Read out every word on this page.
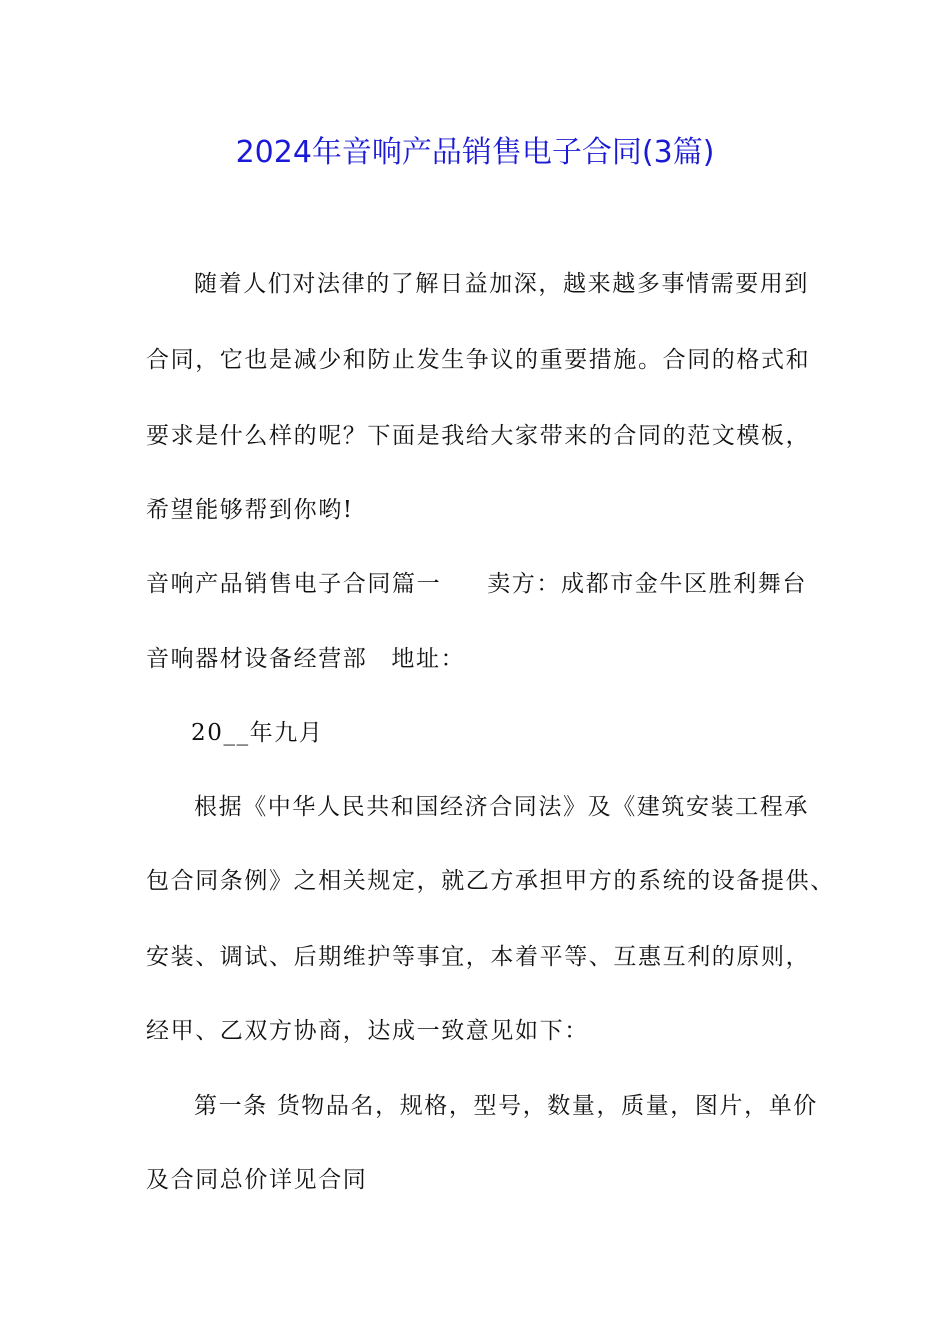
2024年音响产品销售电子合同(3篇)
随着人们对法律的了解日益加深，越来越多事情需要用到
合同，它也是减少和防止发生争议的重要措施。合同的格式和
要求是什么样的呢？下面是我给大家带来的合同的范文模板，
希望能够帮到你哟!
音响产品销售电子合同篇一 卖方：成都市金牛区胜利舞台
音响器材设备经营部 地址：
20__年九月
根据《中华人民共和国经济合同法》及《建筑安装工程承
包合同条例》之相关规定，就乙方承担甲方的系统的设备提供、
安装、调试、后期维护等事宜，本着平等、互惠互利的原则，
经甲、乙双方协商，达成一致意见如下：
第一条 货物品名，规格，型号，数量，质量，图片，单价
及合同总价详见合同
